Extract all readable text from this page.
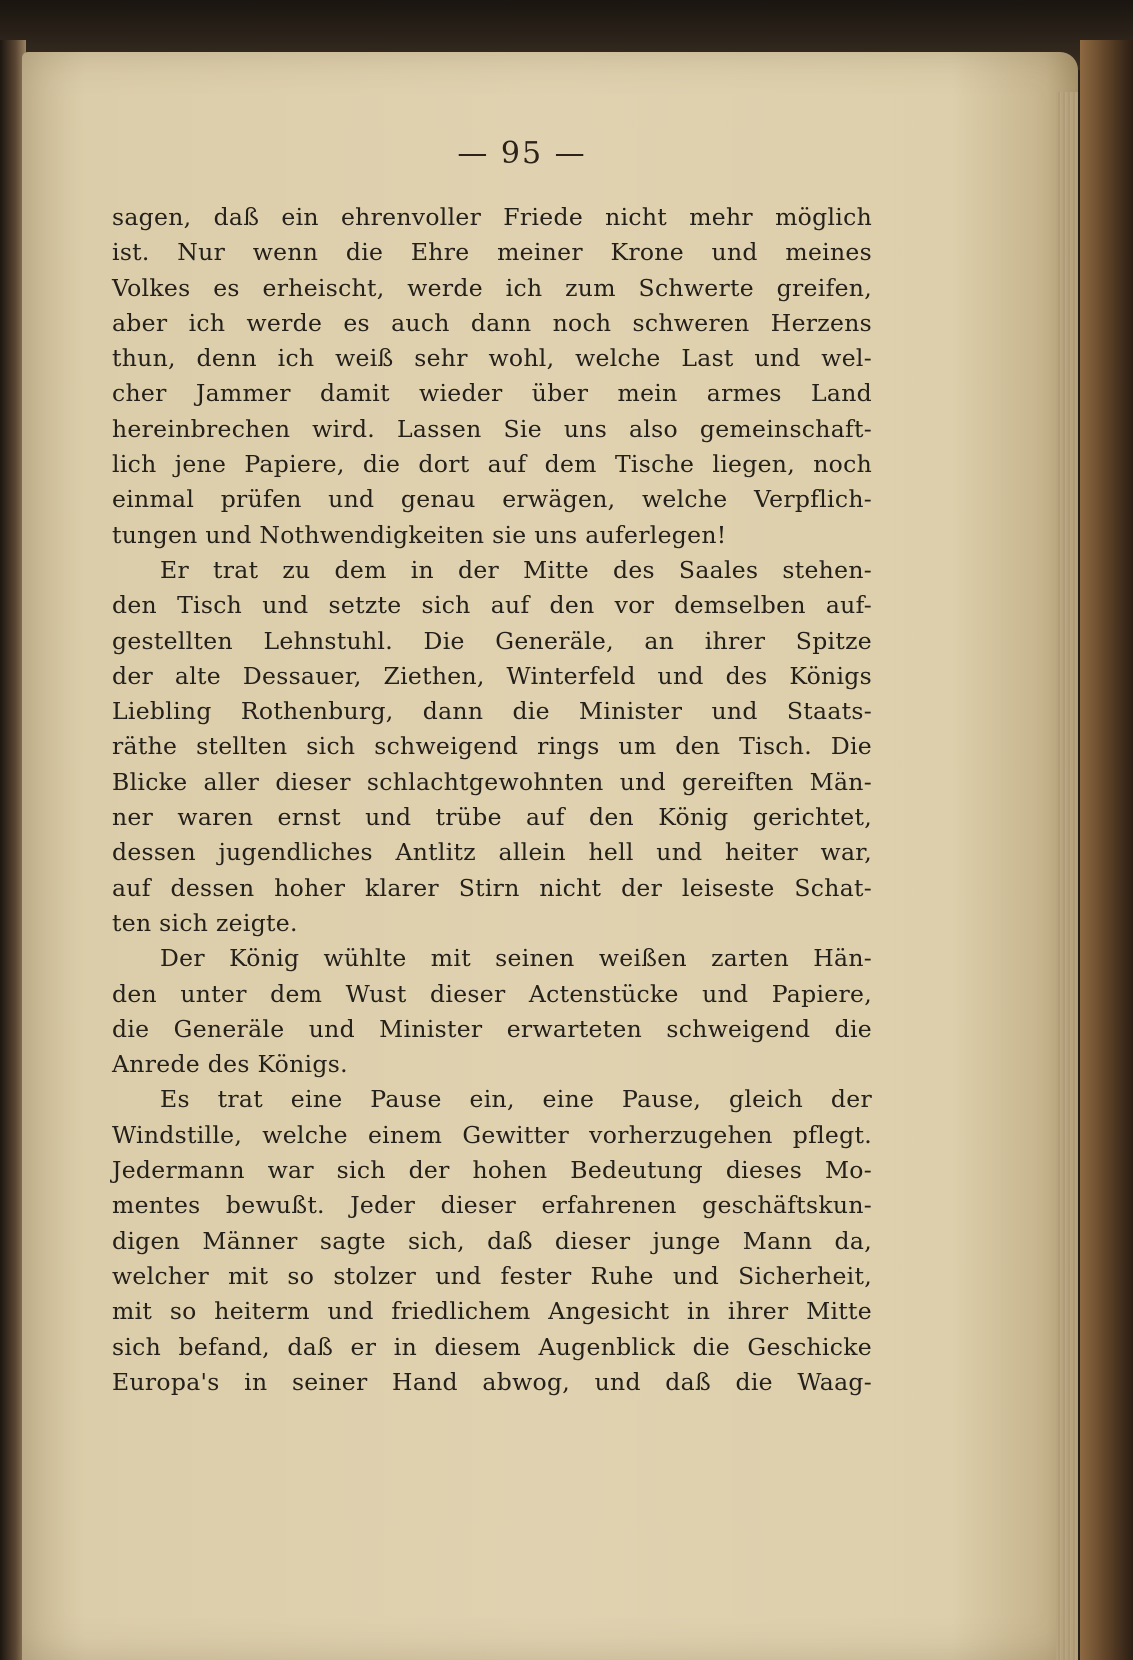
— 95 —
sagen, daß ein ehrenvoller Friede nicht mehr möglich
ist. Nur wenn die Ehre meiner Krone und meines
Volkes es erheischt, werde ich zum Schwerte greifen,
aber ich werde es auch dann noch schweren Herzens
thun, denn ich weiß sehr wohl, welche Last und wel-
cher Jammer damit wieder über mein armes Land
hereinbrechen wird. Lassen Sie uns also gemeinschaft-
lich jene Papiere, die dort auf dem Tische liegen, noch
einmal prüfen und genau erwägen, welche Verpflich-
tungen und Nothwendigkeiten sie uns auferlegen!
Er trat zu dem in der Mitte des Saales stehen-
den Tisch und setzte sich auf den vor demselben auf-
gestellten Lehnstuhl. Die Generäle, an ihrer Spitze
der alte Dessauer, Ziethen, Winterfeld und des Königs
Liebling Rothenburg, dann die Minister und Staats-
räthe stellten sich schweigend rings um den Tisch. Die
Blicke aller dieser schlachtgewohnten und gereiften Män-
ner waren ernst und trübe auf den König gerichtet,
dessen jugendliches Antlitz allein hell und heiter war,
auf dessen hoher klarer Stirn nicht der leiseste Schat-
ten sich zeigte.
Der König wühlte mit seinen weißen zarten Hän-
den unter dem Wust dieser Actenstücke und Papiere,
die Generäle und Minister erwarteten schweigend die
Anrede des Königs.
Es trat eine Pause ein, eine Pause, gleich der
Windstille, welche einem Gewitter vorherzugehen pflegt.
Jedermann war sich der hohen Bedeutung dieses Mo-
mentes bewußt. Jeder dieser erfahrenen geschäftskun-
digen Männer sagte sich, daß dieser junge Mann da,
welcher mit so stolzer und fester Ruhe und Sicherheit,
mit so heiterm und friedlichem Angesicht in ihrer Mitte
sich befand, daß er in diesem Augenblick die Geschicke
Europa's in seiner Hand abwog, und daß die Waag-
